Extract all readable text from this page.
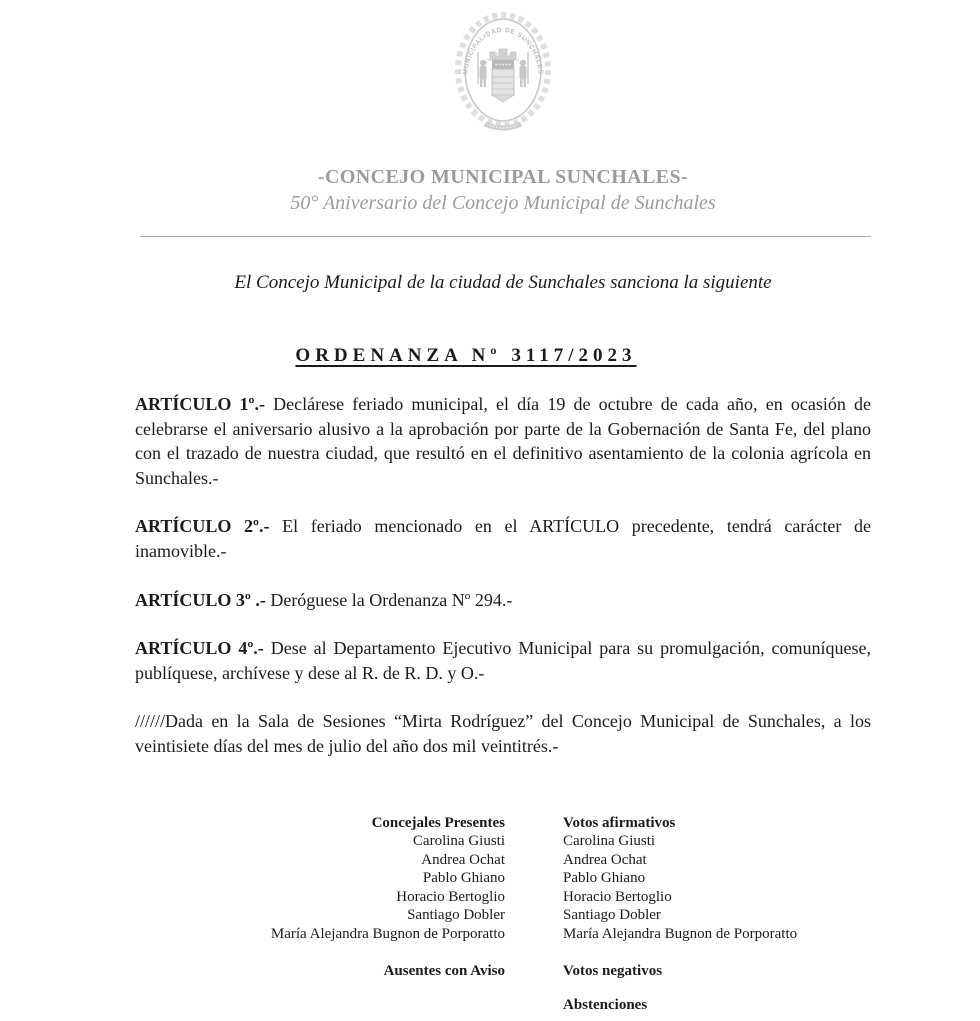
MUNICIPALIDAD DE SUNCHALES
-CONCEJO MUNICIPAL SUNCHALES-
50° Aniversario del Concejo Municipal de Sunchales
El Concejo Municipal de la ciudad de Sunchales sanciona la siguiente
ORDENANZA Nº 3117/2023

ARTÍCULO 1º.- Declárese feriado municipal, el día 19 de octubre de cada año, en ocasión de celebrarse el aniversario alusivo a la aprobación por parte de la Gobernación de Santa Fe, del plano con el trazado de nuestra ciudad, que resultó en el definitivo asentamiento de la colonia agrícola en Sunchales.-

ARTÍCULO 2º.- El feriado mencionado en el ARTÍCULO precedente, tendrá carácter de inamovible.-

ARTÍCULO 3º .- Deróguese la Ordenanza Nº 294.-

ARTÍCULO 4º.- Dese al Departamento Ejecutivo Municipal para su promulgación, comuníquese, publíquese, archívese y dese al R. de R. D. y O.-

//////Dada en la Sala de Sesiones “Mirta Rodríguez” del Concejo Municipal de Sunchales, a los veintisiete días del mes de julio del año dos mil veintitrés.-

Concejales Presentes
Carolina Giusti
Andrea Ochat
Pablo Ghiano
Horacio Bertoglio
Santiago Dobler
María Alejandra Bugnon de Porporatto
Ausentes con Aviso
Votos afirmativos
Carolina Giusti
Andrea Ochat
Pablo Ghiano
Horacio Bertoglio
Santiago Dobler
María Alejandra Bugnon de Porporatto
Votos negativos
Abstenciones
